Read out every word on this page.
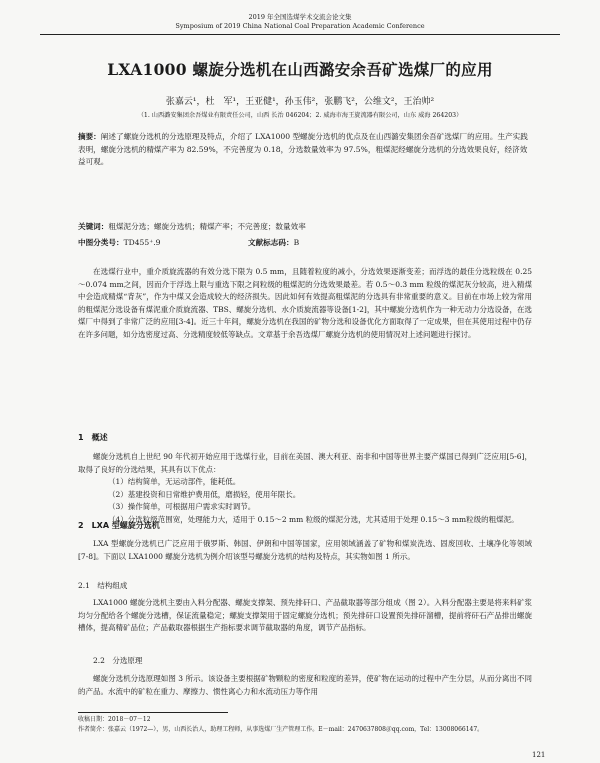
2019 年全国选煤学术交流会论文集
Symposium of 2019 China National Coal Preparation Academic Conference
LXA1000 螺旋分选机在山西潞安余吾矿选煤厂的应用
张嘉云¹，杜　军¹，王亚健¹，孙玉伟²，张鹏飞²，公维文²，王治帅²
（1. 山西潞安集团余吾煤业有限责任公司，山西 长治 046204；2. 威海市海王旋流器有限公司，山东 威海 264203）
摘要：阐述了螺旋分选机的分选原理及特点，介绍了 LXA1000 型螺旋分选机的优点及在山西潞安集团余吾矿选煤厂的应用。生产实践表明，螺旋分选机的精煤产率为 82.59%，不完善度为 0.18，分选数量效率为 97.5%，粗煤泥经螺旋分选机的分选效果良好，经济效益可观。
关键词：粗煤泥分选；螺旋分选机；精煤产率；不完善度；数量效率
中图分类号：TD455⁺.9	文献标志码：B

在选煤行业中，重介质旋流器的有效分选下限为 0.5 mm，且随着粒度的减小，分选效果逐渐变差；而浮选的最佳分选粒级在 0.25～0.074 mm之间，因而介于浮选上限与重选下限之间粒级的粗煤泥的分选效果最差。若 0.5～0.3 mm 粒级的煤泥灰分较高，进入精煤中会造成精煤“背灰”，作为中煤又会造成较大的经济损失。因此如何有效提高粗煤泥的分选具有非常重要的意义。目前在市场上较为常用的粗煤泥分选设备有煤泥重介质旋流器、TBS、螺旋分选机、水介质旋流器等设备[1-2]，其中螺旋分选机作为一种无动力分选设备，在选煤厂中得到了非常广泛的应用[3-4]。近三十年间，螺旋分选机在我国的矿物分选和设备优化方面取得了一定成果，但在其使用过程中仍存在许多问题，如分选密度过高、分选精度较低等缺点。文章基于余吾选煤厂螺旋分选机的使用情况对上述问题进行探讨。

1　概述

螺旋分选机自上世纪 90 年代初开始应用于选煤行业，目前在美国、澳大利亚、南非和中国等世界主要产煤国已得到广泛应用[5-6]，取得了良好的分选结果，其具有以下优点：

（1）结构简单，无运动部件，能耗低。

（2）基建投资和日常维护费用低，磨损轻，使用年限长。

（3）操作简单，可根据用户需求实时调节。

（4）分选粒级范围宽，处理能力大，适用于 0.15～2 mm 粒级的煤泥分选，尤其适用于处理 0.15～3 mm粒级的粗煤泥。

2　LXA 型螺旋分选机

LXA 型螺旋分选机已广泛应用于俄罗斯、韩国、伊朗和中国等国家，应用领域涵盖了矿物和煤炭洗选、固废回收、土壤净化等领域[7-8]。下面以 LXA1000 螺旋分选机为例介绍该型号螺旋分选机的结构及特点，其实物如图 1 所示。

2.1　结构组成

LXA1000 螺旋分选机主要由入料分配器、螺旋支撑架、预先排矸口、产品截取器等部分组成（图 2）。入料分配器主要是将来料矿浆均匀分配给各个螺旋分选槽，保证流量稳定；螺旋支撑架用于固定螺旋分选机；预先排矸口设置预先排矸溜槽，提前将矸石产品排出螺旋槽体，提高精矿品位；产品截取器根据生产指标要求调节截取器的角度，调节产品指标。

2.2　分选原理

螺旋分选机分选原理如图 3 所示。该设备主要根据矿物颗粒的密度和粒度的差异，使矿物在运动的过程中产生分层，从而分离出不同的产品。水流中的矿粒在重力、摩擦力、惯性离心力和水流动压力等作用

收稿日期：2018－07－12
作者简介：张嘉云（1972—），男，山西长治人，助理工程师，从事选煤厂生产管理工作。E－mail：2470637808＠qq.com，Tel：13008066147。
121
